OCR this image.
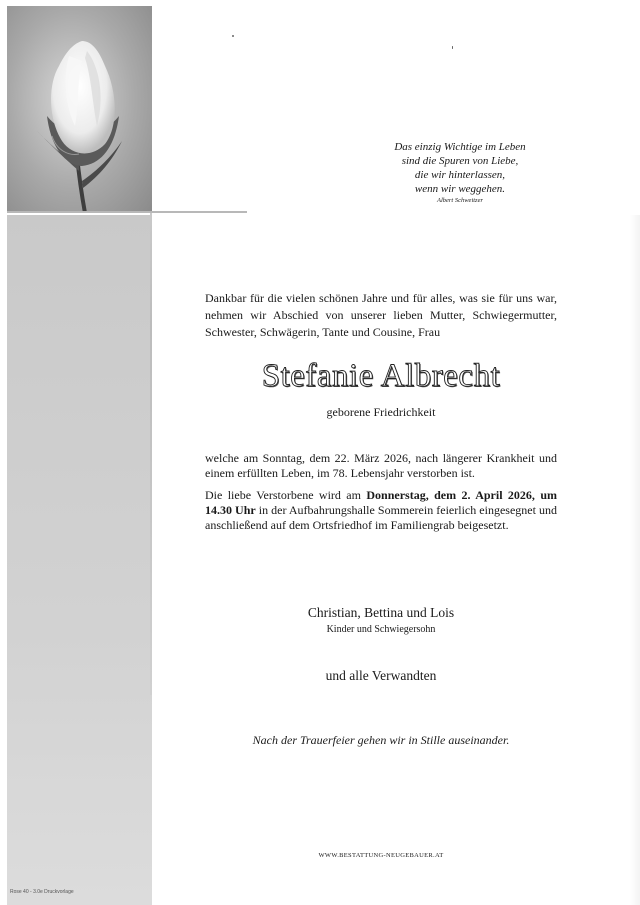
Das einzig Wichtige im Leben
sind die Spuren von Liebe,
die wir hinterlassen,
wenn wir weggehen.
Albert Schweitzer
Dankbar für die vielen schönen Jahre und für alles, was sie für uns war, nehmen wir Abschied von unserer lieben Mutter, Schwiegermutter, Schwester, Schwägerin, Tante und Cousine, Frau
Stefanie Albrecht
geborene Friedrichkeit
welche am Sonntag, dem 22. März 2026, nach längerer Krankheit und einem erfüllten Leben, im 78. Lebensjahr verstorben ist.
Die liebe Verstorbene wird am Donnerstag, dem 2. April 2026, um 14.30 Uhr in der Aufbahrungshalle Sommerein feierlich eingesegnet und anschließend auf dem Ortsfriedhof im Familiengrab beigesetzt.
Christian, Bettina und Lois
Kinder und Schwiegersohn
und alle Verwandten
Nach der Trauerfeier gehen wir in Stille auseinander.
WWW.BESTATTUNG-NEUGEBAUER.AT
Rose 40 - 3.0e Druckvorlage
